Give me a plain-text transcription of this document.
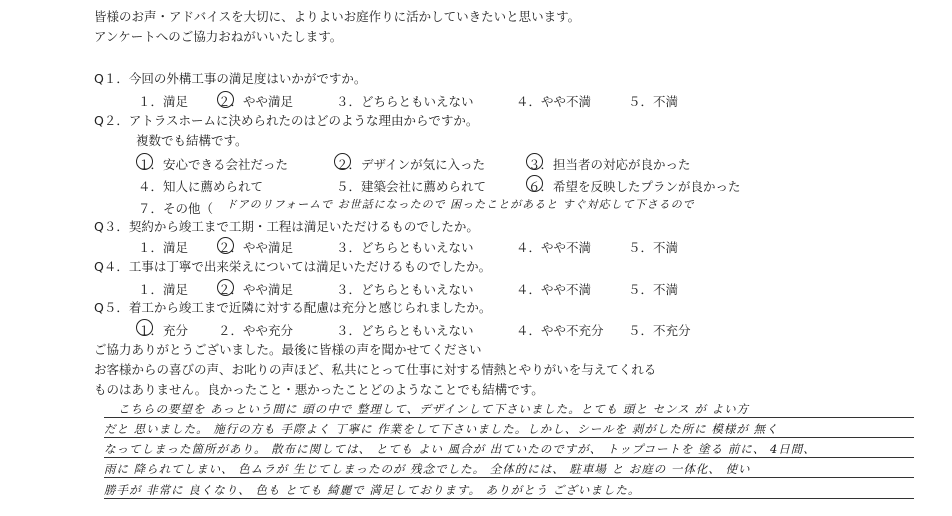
皆様のお声・アドバイスを大切に、よりよいお庭作りに活かしていきたいと思います。
アンケートへのご協力おねがいいたします。
Q１．今回の外構工事の満足度はいかがですか。
１．満足 ２．やや満足	３．どちらともいえない	４．やや不満	５．不満
Q２．アトラスホームに決められたのはどのような理由からですか。
複数でも結構です。
１．安心できる会社だった	２．デザインが気に入った	３．担当者の対応が良かった
４．知人に薦められて	５．建築会社に薦められて	６．希望を反映したプランが良かった
７．その他（ ドアのリフォームで お世話になったので 困ったことがあると すぐ対応して下さるので
Q３．契約から竣工まで工期・工程は満足いただけるものでしたか。
１．満足 ２．やや満足	３．どちらともいえない	４．やや不満	５．不満
Q４．工事は丁寧で出来栄えについては満足いただけるものでしたか。
１．満足 ２．やや満足	３．どちらともいえない	４．やや不満	５．不満
Q５．着工から竣工まで近隣に対する配慮は充分と感じられましたか。
１．充分 ２．やや充分	３．どちらともいえない	４．やや不充分 ５．不充分
ご協力ありがとうございました。最後に皆様の声を聞かせてください
お客様からの喜びの声、お叱りの声ほど、私共にとって仕事に対する情熱とやりがいを与えてくれる
ものはありません。良かったこと・悪かったことどのようなことでも結構です。
こちらの要望を あっという間に 頭の中で 整理して、デザインして下さいました。とても 頭と センス が よい方
だと 思いました。 施行の方も 手際よく 丁寧に 作業をして下さいました。しかし、シールを 剥がした所に 模様が 無く
なってしまった箇所があり。 散布に関しては、 とても よい 風合が 出ていたのですが、 トップコートを 塗る 前に、 4日間、
雨に 降られてしまい、 色ムラが 生じてしまったのが 残念でした。 全体的には、 駐車場 と お庭の 一体化、 使い
勝手が 非常に 良くなり、 色も とても 綺麗で 満足しております。 ありがとう ございました。
